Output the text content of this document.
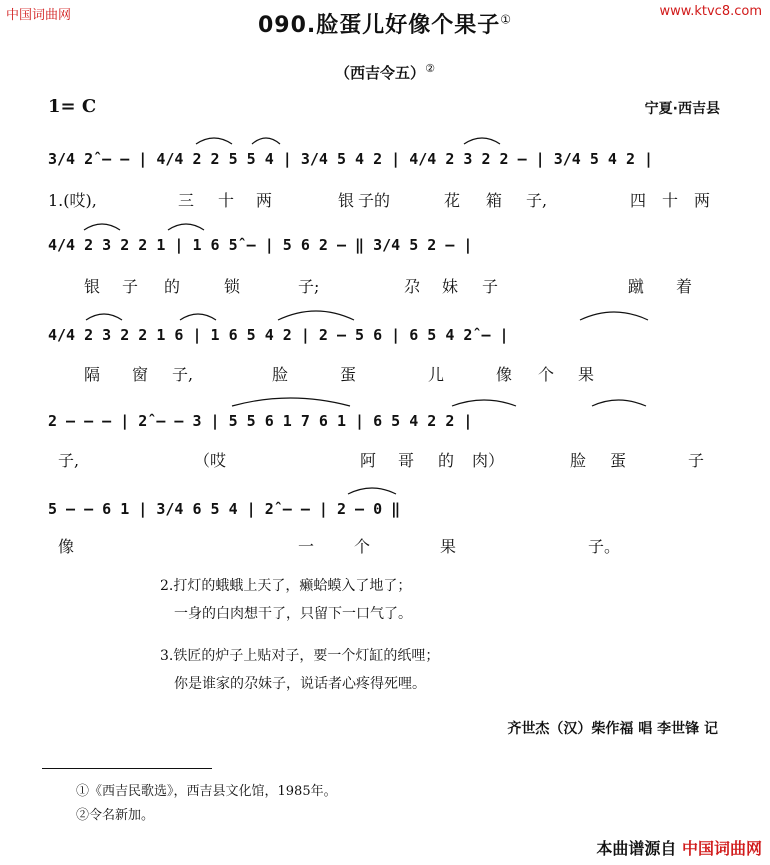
中国词曲网	www.ktvc8.com
090.脸蛋儿好像个果子①
（西吉令五）②
1= C	宁夏·西吉县
3/4 2̂ — — | 4/4 2 2 5 5 4 | 3/4 5 4 2 | 4/4 2 3 2 2 — | 3/4 5 4 2 |
4/4 2 3 2 2 1 | 1 6 5̂ — | 5 6 2 — ‖ 3/4 5 2 — |
4/4 2 3 2 2 1 6 | 1 6 5 4 2 | 2 — 5 6 | 6 5 4 2̂ — |
2 — — — | 2̂ — — 3 | 5 5 6 1 7 6 1 | 6 5 4 2 2 |
5 — — 6 1 | 3/4 6 5 4 | 2̂ — — | 2 — 0 ‖
1.(哎),	三 十 两	银 子的	花 箱 子,	四 十 两
银 子 的	锁	子;	尕 妹 子	蹴 着
隔 窗 子,	脸	蛋	儿	像 个 果
子,	（哎	阿 哥 的 肉）	脸 蛋	子
像	一 个	果	子。
2.打灯的蛾蛾上天了，癞蛤蟆入了地了；
一身的白肉想干了，只留下一口气了。
3.铁匠的炉子上贴对子，要一个灯缸的纸哩；
你是谁家的尕妹子，说话者心疼得死哩。
齐世杰（汉）柴作福 唱 李世锋 记
①《西吉民歌选》，西吉县文化馆，1985年。
②令名新加。
本曲谱源自 中国词曲网
